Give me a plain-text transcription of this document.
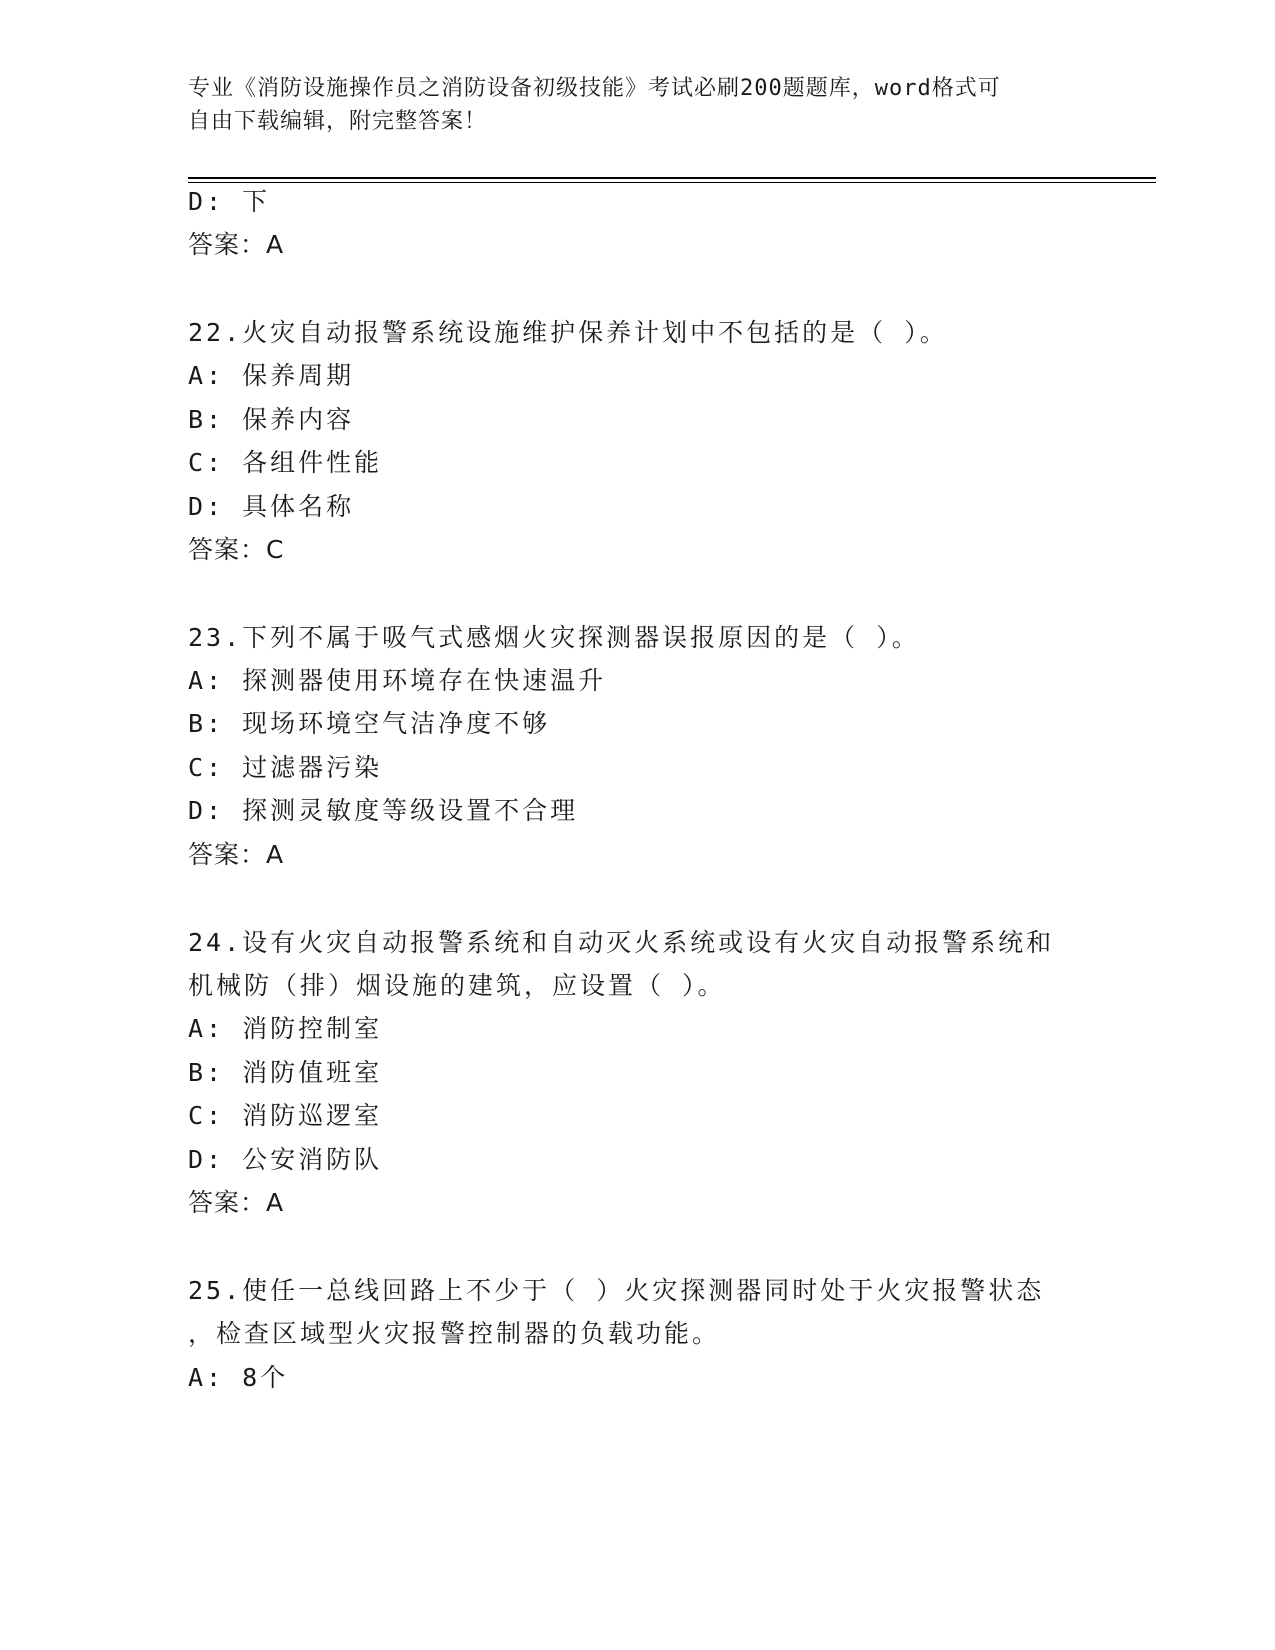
专业《消防设施操作员之消防设备初级技能》考试必刷200题题库，word格式可
自由下载编辑，附完整答案！
D: 下
答案：A
22.火灾自动报警系统设施维护保养计划中不包括的是（ ）。
A: 保养周期
B: 保养内容
C: 各组件性能
D: 具体名称
答案：C
23.下列不属于吸气式感烟火灾探测器误报原因的是（ ）。
A: 探测器使用环境存在快速温升
B: 现场环境空气洁净度不够
C: 过滤器污染
D: 探测灵敏度等级设置不合理
答案：A
24.设有火灾自动报警系统和自动灭火系统或设有火灾自动报警系统和
机械防（排）烟设施的建筑，应设置（ ）。
A: 消防控制室
B: 消防值班室
C: 消防巡逻室
D: 公安消防队
答案：A
25.使任一总线回路上不少于（ ）火灾探测器同时处于火灾报警状态
，检查区域型火灾报警控制器的负载功能。
A: 8个
